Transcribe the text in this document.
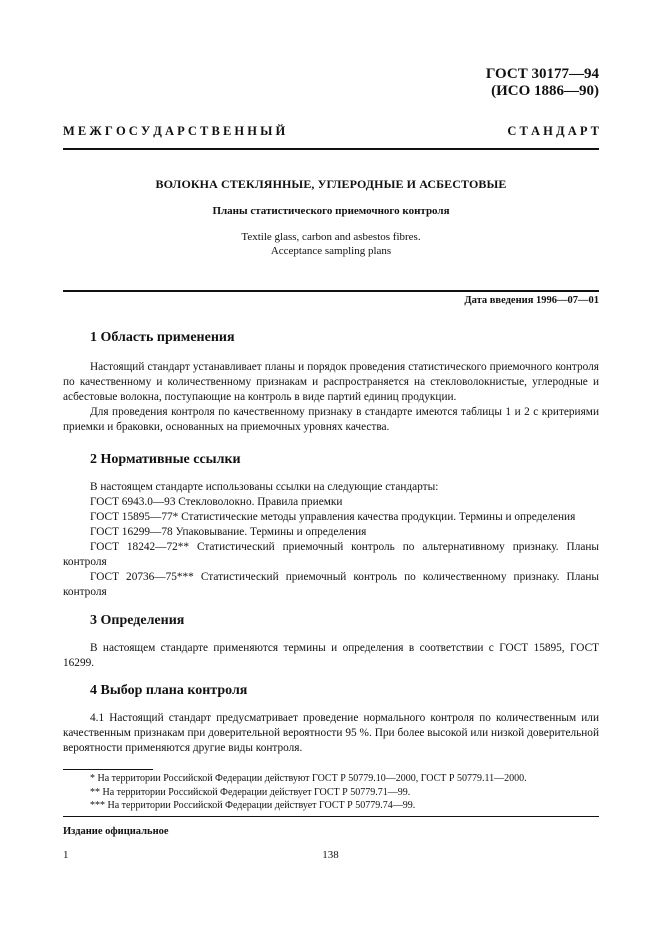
ГОСТ 30177—94
(ИСО 1886—90)
М Е Ж Г О С У Д А Р С Т В Е Н Н Ы Й	С Т А Н Д А Р Т
ВОЛОКНА СТЕКЛЯННЫЕ, УГЛЕРОДНЫЕ И АСБЕСТОВЫЕ
Планы статистического приемочного контроля
Textile glass, carbon and asbestos fibres.
Acceptance sampling plans
Дата введения 1996—07—01

1 Область применения

Настоящий стандарт устанавливает планы и порядок проведения статистического приемочного контроля по качественному и количественному признакам и распространяется на стекловолокнистые, углеродные и асбестовые волокна, поступающие на контроль в виде партий единиц продукции.

Для проведения контроля по качественному признаку в стандарте имеются таблицы 1 и 2 с критериями приемки и браковки, основанных на приемочных уровнях качества.

2 Нормативные ссылки

В настоящем стандарте использованы ссылки на следующие стандарты:

ГОСТ 6943.0—93 Стекловолокно. Правила приемки

ГОСТ 15895—77* Статистические методы управления качества продукции. Термины и определения

ГОСТ 16299—78 Упаковывание. Термины и определения

ГОСТ 18242—72** Статистический приемочный контроль по альтернативному признаку. Планы контроля

ГОСТ 20736—75*** Статистический приемочный контроль по количественному признаку. Планы контроля

3 Определения

В настоящем стандарте применяются термины и определения в соответствии с ГОСТ 15895, ГОСТ 16299.

4 Выбор плана контроля

4.1 Настоящий стандарт предусматривает проведение нормального контроля по количественным или качественным признакам при доверительной вероятности 95 %. При более высокой или низкой доверительной вероятности применяются другие виды контроля.

* На территории Российской Федерации действуют ГОСТ Р 50779.10—2000, ГОСТ Р 50779.11—2000.
** На территории Российской Федерации действует ГОСТ Р 50779.71—99.
*** На территории Российской Федерации действует ГОСТ Р 50779.74—99.
Издание официальное
1	138
